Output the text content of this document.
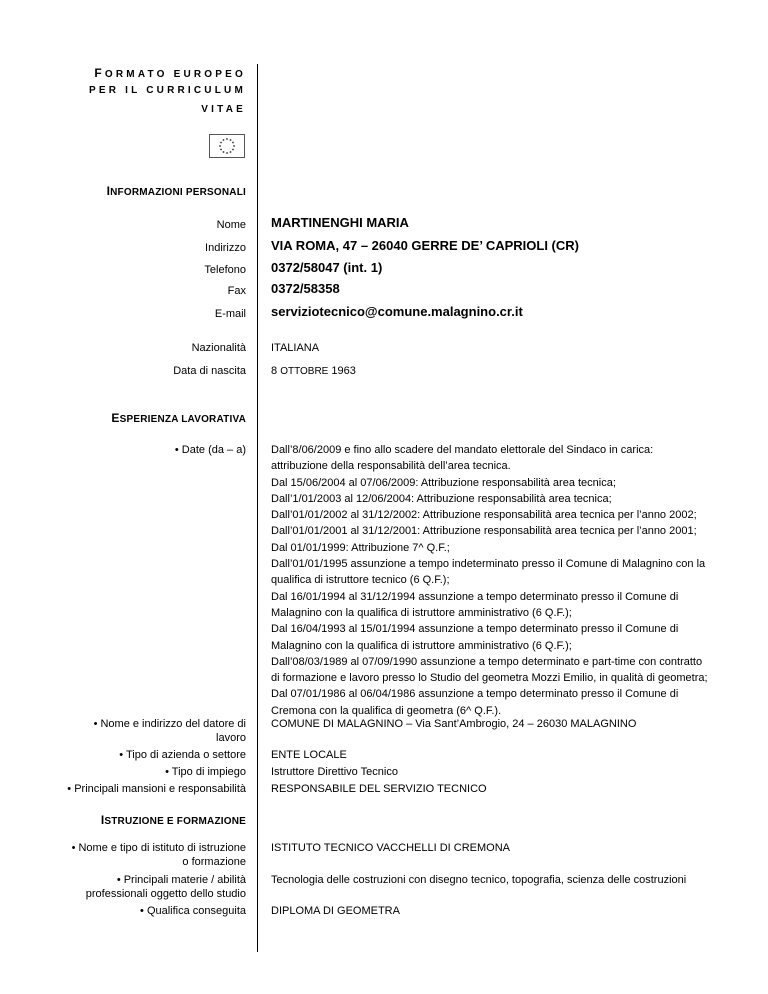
FORMATO EUROPEO
PER IL CURRICULUM
VITAE
INFORMAZIONI PERSONALI
Nome MARTINENGHI MARIA
Indirizzo VIA ROMA, 47 – 26040 GERRE DE’ CAPRIOLI (CR)
Telefono 0372/58047 (int. 1)
Fax 0372/58358
E-mail serviziotecnico@comune.malagnino.cr.it
Nazionalità ITALIANA
Data di nascita 8 OTTOBRE 1963
ESPERIENZA LAVORATIVA
• Date (da – a) Dall’8/06/2009 e fino allo scadere del mandato elettorale del Sindaco in carica: attribuzione della responsabilità dell’area tecnica.

Dal 15/06/2004 al 07/06/2009: Attribuzione responsabilità area tecnica;

Dall’1/01/2003 al 12/06/2004: Attribuzione responsabilità area tecnica;

Dall’01/01/2002 al 31/12/2002: Attribuzione responsabilità area tecnica per l’anno 2002;

Dall’01/01/2001 al 31/12/2001: Attribuzione responsabilità area tecnica per l’anno 2001;

Dal 01/01/1999: Attribuzione 7^ Q.F.;

Dall’01/01/1995 assunzione a tempo indeterminato presso il Comune di Malagnino con la qualifica di istruttore tecnico (6 Q.F.);

Dal 16/01/1994 al 31/12/1994 assunzione a tempo determinato presso il Comune di Malagnino con la qualifica di istruttore amministrativo (6 Q.F.);

Dal 16/04/1993 al 15/01/1994 assunzione a tempo determinato presso il Comune di Malagnino con la qualifica di istruttore amministrativo (6 Q.F.);

Dall’08/03/1989 al 07/09/1990 assunzione a tempo determinato e part-time con contratto di formazione e lavoro presso lo Studio del geometra Mozzi Emilio, in qualità di geometra;

Dal 07/01/1986 al 06/04/1986 assunzione a tempo determinato presso il Comune di Cremona con la qualifica di geometra (6^ Q.F.).

• Nome e indirizzo del datore di
lavoro
COMUNE DI MALAGNINO – Via Sant’Ambrogio, 24 – 26030 MALAGNINO
• Tipo di azienda o settore ENTE LOCALE
• Tipo di impiego Istruttore Direttivo Tecnico
• Principali mansioni e responsabilità RESPONSABILE DEL SERVIZIO TECNICO
ISTRUZIONE E FORMAZIONE
• Nome e tipo di istituto di istruzione
o formazione
ISTITUTO TECNICO VACCHELLI DI CREMONA
• Principali materie / abilità
professionali oggetto dello studio
Tecnologia delle costruzioni con disegno tecnico, topografia, scienza delle costruzioni
• Qualifica conseguita DIPLOMA DI GEOMETRA
